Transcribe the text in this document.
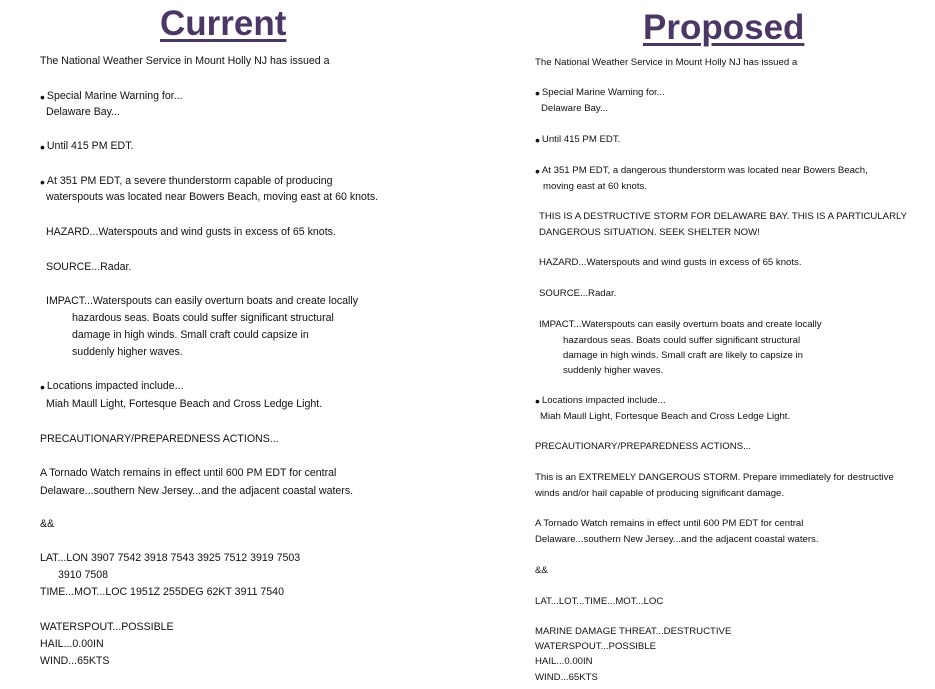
Current	Proposed
The National Weather Service in Mount Holly NJ has issued a
• Special Marine Warning for...
Delaware Bay...
• Until 415 PM EDT.
• At 351 PM EDT, a severe thunderstorm capable of producing
waterspouts was located near Bowers Beach, moving east at 60 knots.
HAZARD...Waterspouts and wind gusts in excess of 65 knots.
SOURCE...Radar.
IMPACT...Waterspouts can easily overturn boats and create locally
hazardous seas. Boats could suffer significant structural
damage in high winds. Small craft could capsize in
suddenly higher waves.
• Locations impacted include...
Miah Maull Light, Fortesque Beach and Cross Ledge Light.
PRECAUTIONARY/PREPAREDNESS ACTIONS...
A Tornado Watch remains in effect until 600 PM EDT for central
Delaware...southern New Jersey...and the adjacent coastal waters.
&&
LAT...LON 3907 7542 3918 7543 3925 7512 3919 7503
3910 7508
TIME...MOT...LOC 1951Z 255DEG 62KT 3911 7540
WATERSPOUT...POSSIBLE
HAIL...0.00IN
WIND...65KTS
The National Weather Service in Mount Holly NJ has issued a
• Special Marine Warning for...
Delaware Bay...
• Until 415 PM EDT.
• At 351 PM EDT, a dangerous thunderstorm was located near Bowers Beach,
moving east at 60 knots.
THIS IS A DESTRUCTIVE STORM FOR DELAWARE BAY. THIS IS A PARTICULARLY
DANGEROUS SITUATION. SEEK SHELTER NOW!
HAZARD...Waterspouts and wind gusts in excess of 65 knots.
SOURCE...Radar.
IMPACT...Waterspouts can easily overturn boats and create locally
hazardous seas. Boats could suffer significant structural
damage in high winds. Small craft are likely to capsize in
suddenly higher waves.
• Locations impacted include...
Miah Maull Light, Fortesque Beach and Cross Ledge Light.
PRECAUTIONARY/PREPAREDNESS ACTIONS...
This is an EXTREMELY DANGEROUS STORM. Prepare immediately for destructive
winds and/or hail capable of producing significant damage.
A Tornado Watch remains in effect until 600 PM EDT for central
Delaware...southern New Jersey...and the adjacent coastal waters.
&&
LAT...LOT...TIME...MOT...LOC
MARINE DAMAGE THREAT...DESTRUCTIVE
WATERSPOUT...POSSIBLE
HAIL...0.00IN
WIND...65KTS
